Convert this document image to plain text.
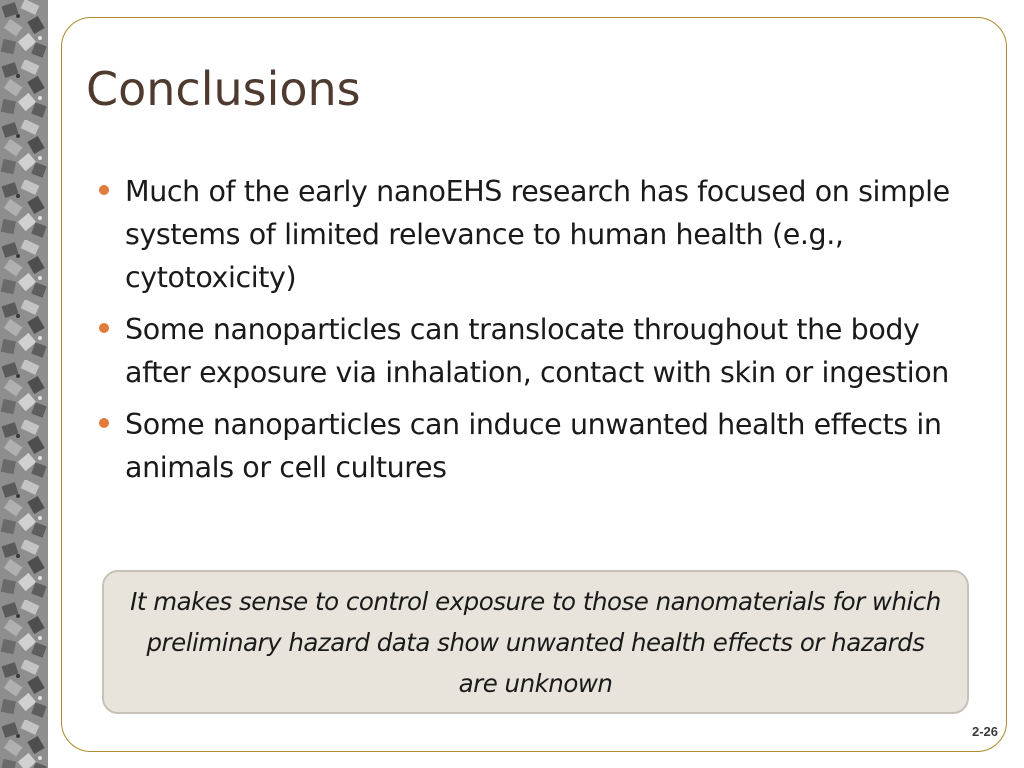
Conclusions
Much of the early nanoEHS research has focused on simple systems of limited relevance to human health (e.g., cytotoxicity)
Some nanoparticles can translocate throughout the body after exposure via inhalation, contact with skin or ingestion
Some nanoparticles can induce unwanted health effects in animals or cell cultures

It makes sense to control exposure to those nanomaterials for which preliminary hazard data show unwanted health effects or hazards are unknown

2-26
